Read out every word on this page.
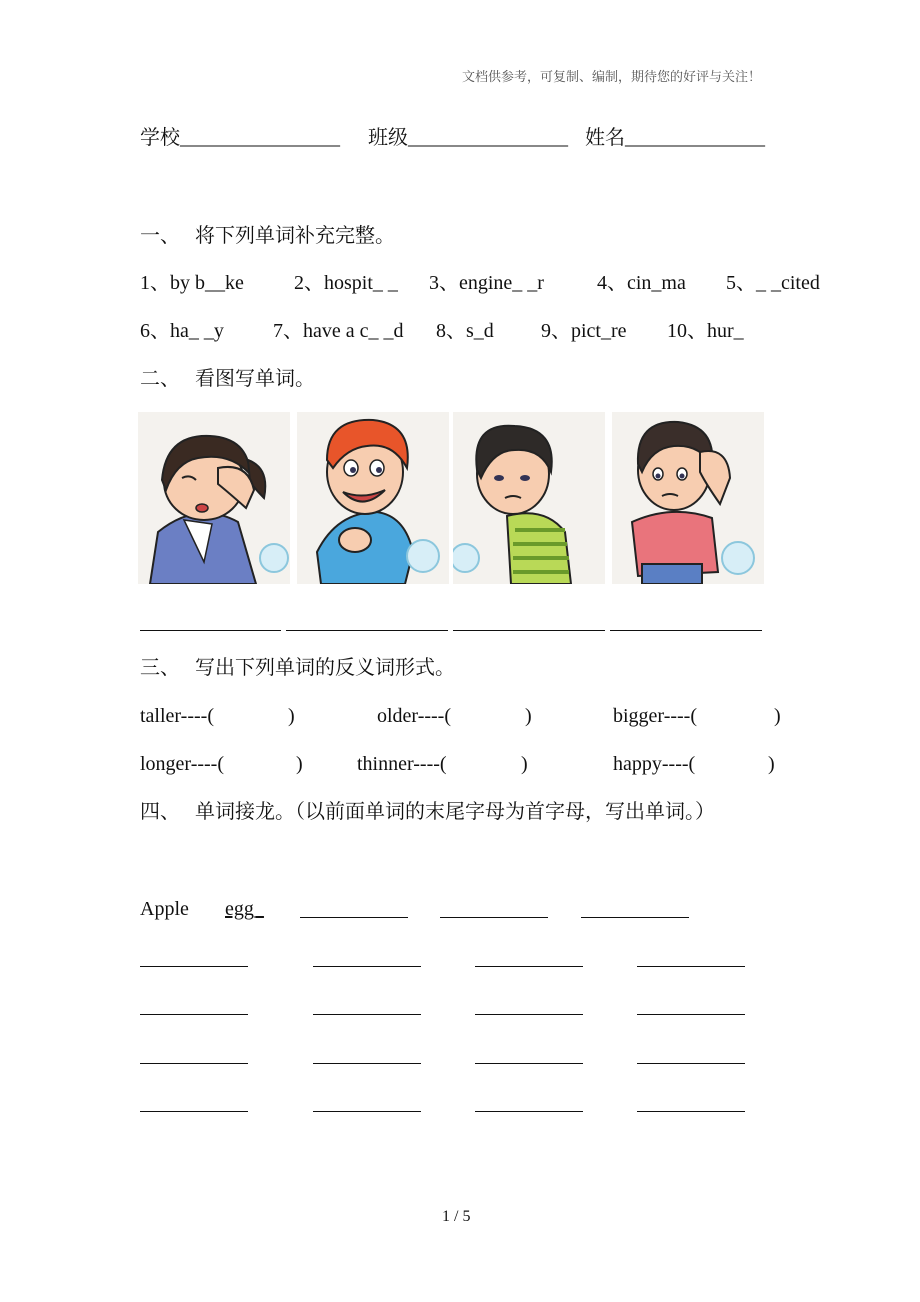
文档供参考，可复制、编制，期待您的好评与关注！
学校________________ 班级________________ 姓名______________
一、　 将下列单词补充完整。
1、by b__ke	2、hospit_ _ 3、engine_ _r	4、cin_ma 5、_ _cited
6、ha_ _y 7、have a c_ _d 8、s_d 9、pict_re 10、hur_
二、　 看图写单词。
三、　 写出下列单词的反义词形式。
taller----(	)	older----(	)	bigger----(	)
longer----(	)	thinner----(	)	happy----(	)
四、　 单词接龙。（以前面单词的末尾字母为首字母，写出单词。）
Apple egg_
1 / 5
